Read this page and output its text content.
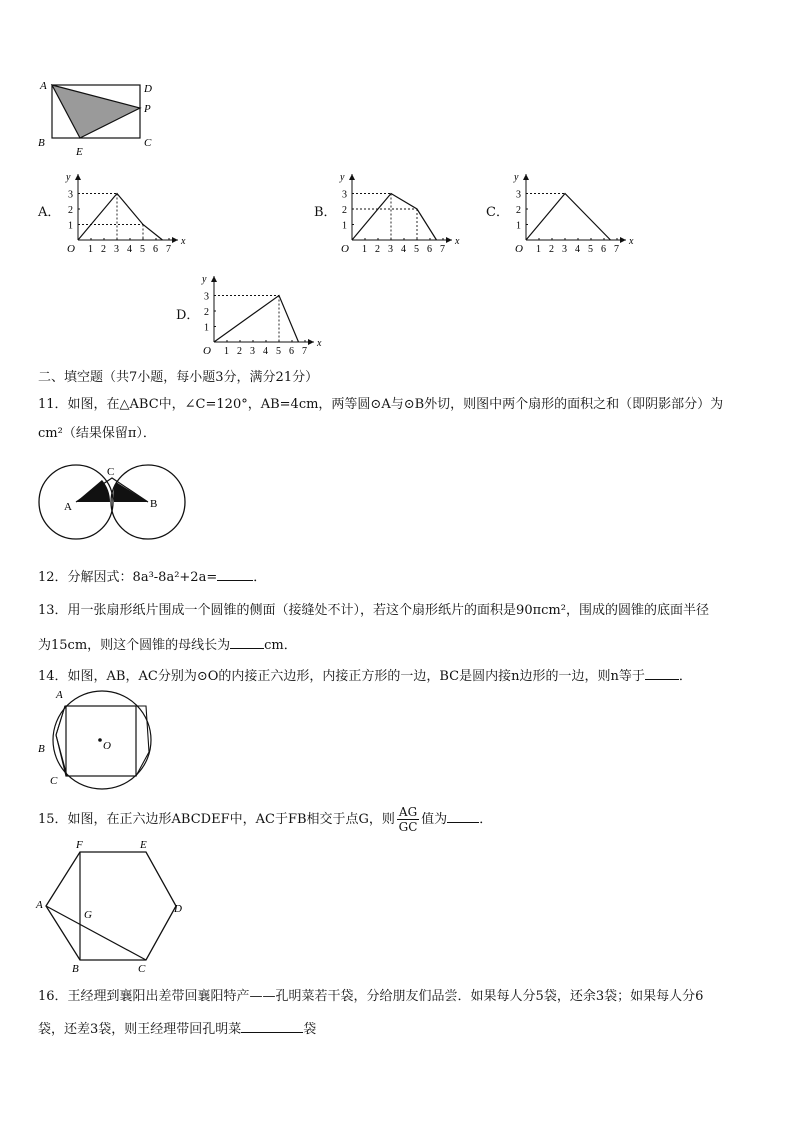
A	D
P
B
E
C
A．	B．	C．
D．
x
y
O
1
2
3
1 2 3 4 5 6 7
x
y
O
1
2
3
1 2 3 4 5 6 7
x
y
O
1
2
3
1 2 3 4 5 6 7
x
y
O
1
2
3
1 2 3 4 5 6 7
二、填空题（共7小题，每小题3分，满分21分）
11．如图，在△ABC中，∠C=120°，AB=4cm，两等圆⊙A与⊙B外切，则图中两个扇形的面积之和（即阴影部分）为
cm²（结果保留π）．
C
A	B
12．分解因式：8a³-8a²+2a=	．
13．用一张扇形纸片围成一个圆锥的侧面（接缝处不计），若这个扇形纸片的面积是90πcm²，围成的圆锥的底面半径
为15cm，则这个圆锥的母线长为	cm．
14．如图，AB，AC分别为⊙O的内接正六边形，内接正方形的一边，BC是圆内接n边形的一边，则n等于	．
A
B
C
O
15．如图，在正六边形ABCDEF中，AC于FB相交于点G，则 $\frac{AG}{GC}$ 值为 ．
F	E
A
G	D
B	C
16．王经理到襄阳出差带回襄阳特产——孔明菜若干袋，分给朋友们品尝．如果每人分5袋，还余3袋；如果每人分6
袋，还差3袋，则王经理带回孔明菜	袋
